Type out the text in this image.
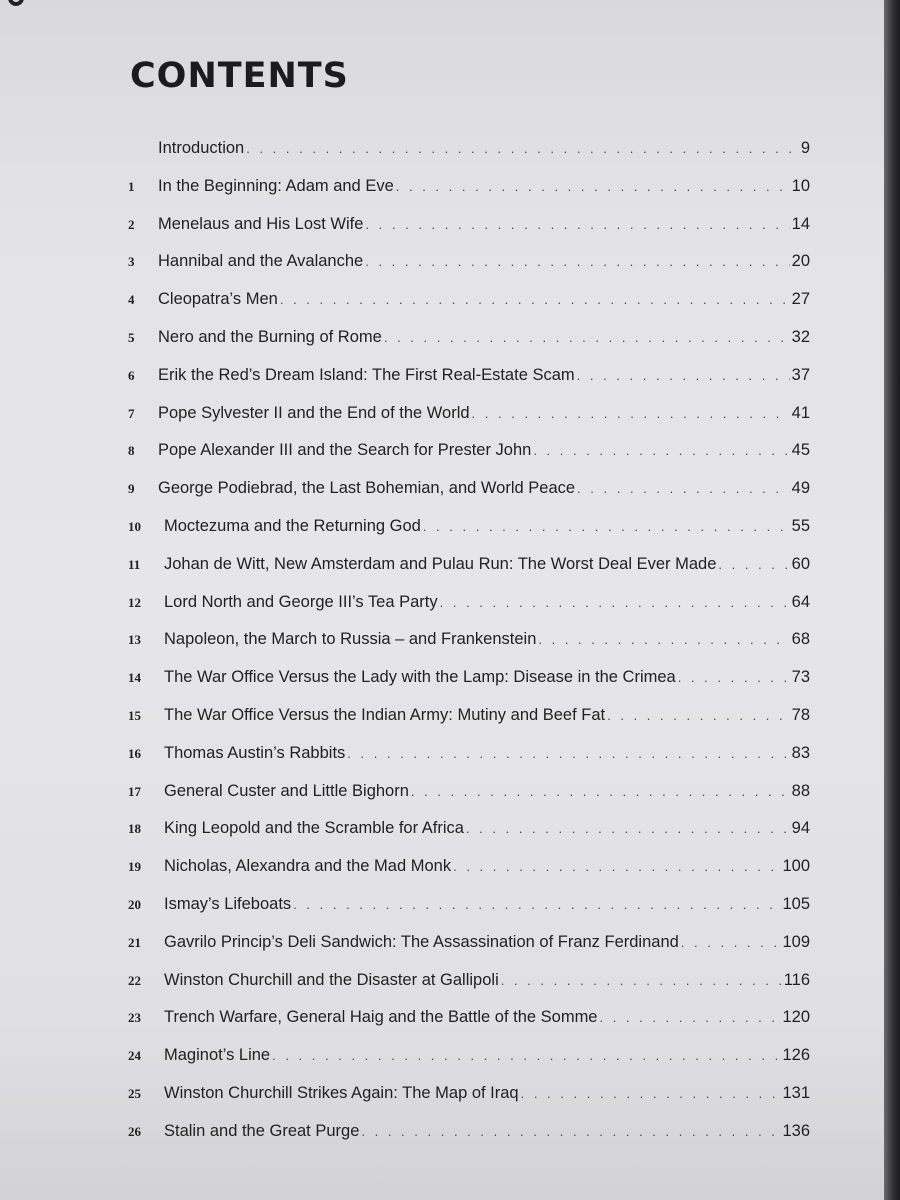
CONTENTS
Introduction . . .	9
1	In the Beginning: Adam and Eve . . .	10
2	Menelaus and His Lost Wife . . .	14
3	Hannibal and the Avalanche . . .	20
4	Cleopatra’s Men . . .	27
5	Nero and the Burning of Rome . . .	32
6	Erik the Red’s Dream Island: The First Real-Estate Scam . . .	37
7	Pope Sylvester II and the End of the World . . .	41
8	Pope Alexander III and the Search for Prester John . . .	45
9	George Podiebrad, the Last Bohemian, and World Peace . . .	49
10	Moctezuma and the Returning God . . .	55
11	Johan de Witt, New Amsterdam and Pulau Run: The Worst Deal Ever Made . . .	60
12	Lord North and George III’s Tea Party . . .	64
13	Napoleon, the March to Russia – and Frankenstein . . .	68
14	The War Office Versus the Lady with the Lamp: Disease in the Crimea . . .	73
15	The War Office Versus the Indian Army: Mutiny and Beef Fat . . .	78
16	Thomas Austin’s Rabbits . . .	83
17	General Custer and Little Bighorn . . .	88
18	King Leopold and the Scramble for Africa . . .	94
19	Nicholas, Alexandra and the Mad Monk . . .	100
20	Ismay’s Lifeboats . . .	105
21	Gavrilo Princip’s Deli Sandwich: The Assassination of Franz Ferdinand . . .	109
22	Winston Churchill and the Disaster at Gallipoli . . .	116
23	Trench Warfare, General Haig and the Battle of the Somme . . .	120
24	Maginot’s Line . . .	126
25	Winston Churchill Strikes Again: The Map of Iraq . . .	131
26	Stalin and the Great Purge . . .	136
